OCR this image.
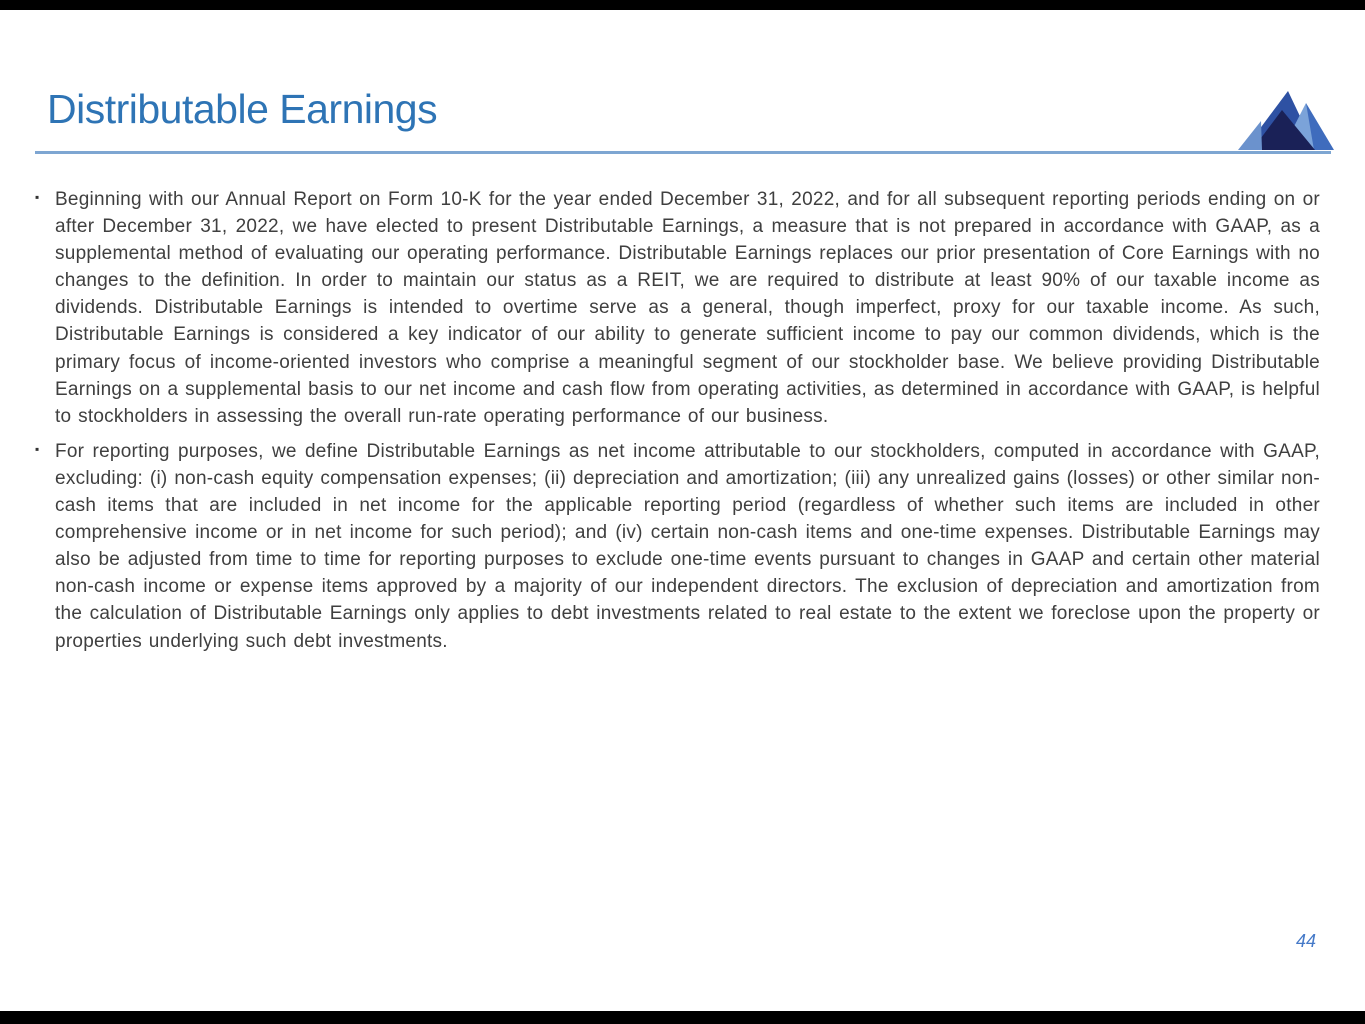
Distributable Earnings
▪ Beginning with our Annual Report on Form 10-K for the year ended December 31, 2022, and for all subsequent reporting periods ending on or after December 31, 2022, we have elected to present Distributable Earnings, a measure that is not prepared in accordance with GAAP, as a supplemental method of evaluating our operating performance. Distributable Earnings replaces our prior presentation of Core Earnings with no changes to the definition. In order to maintain our status as a REIT, we are required to distribute at least 90% of our taxable income as dividends. Distributable Earnings is intended to overtime serve as a general, though imperfect, proxy for our taxable income. As such, Distributable Earnings is considered a key indicator of our ability to generate sufficient income to pay our common dividends, which is the primary focus of income-oriented investors who comprise a meaningful segment of our stockholder base. We believe providing Distributable Earnings on a supplemental basis to our net income and cash flow from operating activities, as determined in accordance with GAAP, is helpful to stockholders in assessing the overall run-rate operating performance of our business.
▪ For reporting purposes, we define Distributable Earnings as net income attributable to our stockholders, computed in accordance with GAAP, excluding: (i) non-cash equity compensation expenses; (ii) depreciation and amortization; (iii) any unrealized gains (losses) or other similar non-cash items that are included in net income for the applicable reporting period (regardless of whether such items are included in other comprehensive income or in net income for such period); and (iv) certain non-cash items and one-time expenses. Distributable Earnings may also be adjusted from time to time for reporting purposes to exclude one-time events pursuant to changes in GAAP and certain other material non-cash income or expense items approved by a majority of our independent directors. The exclusion of depreciation and amortization from the calculation of Distributable Earnings only applies to debt investments related to real estate to the extent we foreclose upon the property or properties underlying such debt investments.
44
